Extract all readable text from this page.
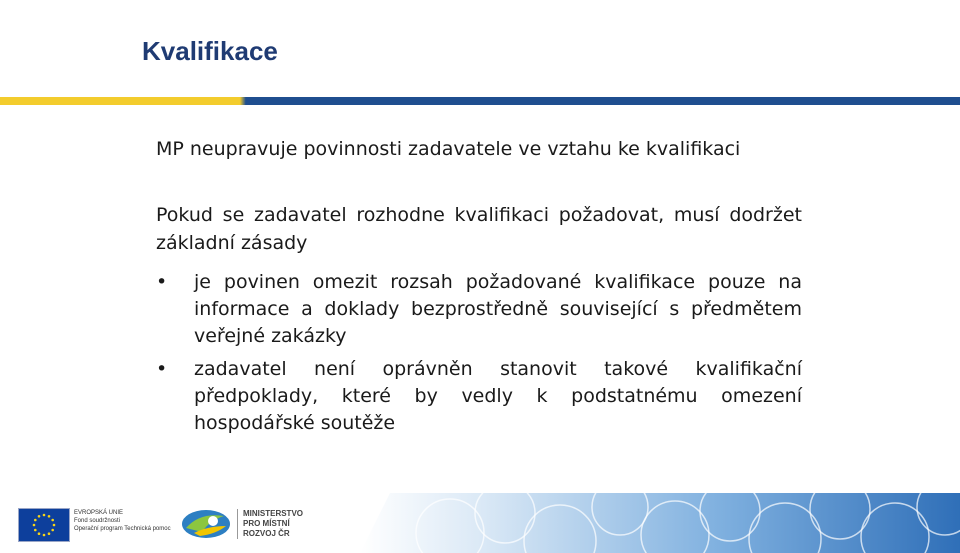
Kvalifikace

MP neupravuje povinnosti zadavatele ve vztahu ke kvalifikaci

Pokud se zadavatel rozhodne kvalifikaci požadovat, musí dodržet základní zásady

• je povinen omezit rozsah požadované kvalifikace pouze na informace a doklady bezprostředně související s předmětem veřejné zakázky
• zadavatel není oprávněn stanovit takové kvalifikační předpoklady, které by vedly k podstatnému omezení hospodářské soutěže
EVROPSKÁ UNIE
Fond soudržnosti
Operační program Technická pomoc
MINISTERSTVO
PRO MÍSTNÍ
ROZVOJ ČR
